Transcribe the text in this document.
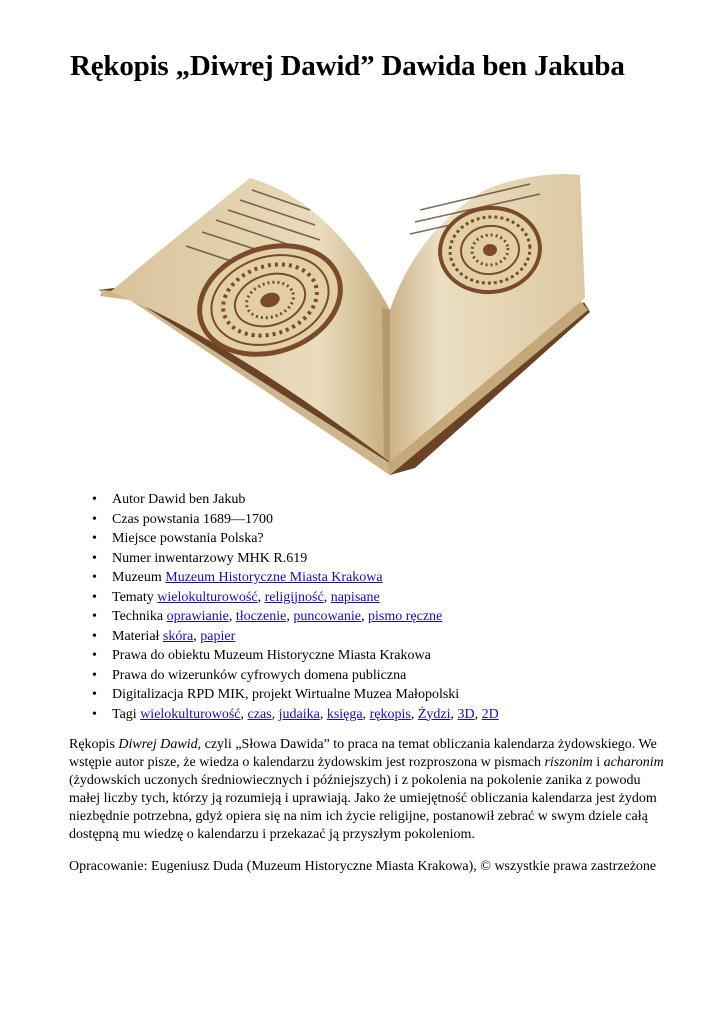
Rękopis „Diwrej Dawid” Dawida ben Jakuba
• Autor Dawid ben Jakub
• Czas powstania 1689—1700
• Miejsce powstania Polska?
• Numer inwentarzowy MHK R.619
• Muzeum Muzeum Historyczne Miasta Krakowa
• Tematy wielokulturowość, religijność, napisane
• Technika oprawianie, tłoczenie, puncowanie, pismo ręczne
• Materiał skóra, papier
• Prawa do obiektu Muzeum Historyczne Miasta Krakowa
• Prawa do wizerunków cyfrowych domena publiczna
• Digitalizacja RPD MIK, projekt Wirtualne Muzea Małopolski
• Tagi wielokulturowość, czas, judaika, księga, rękopis, Żydzi, 3D, 2D

Rękopis Diwrej Dawid, czyli „Słowa Dawida” to praca na temat obliczania kalendarza żydowskiego. We wstępie autor pisze, że wiedza o kalendarzu żydowskim jest rozproszona w pismach riszonim i acharonim (żydowskich uczonych średniowiecznych i późniejszych) i z pokolenia na pokolenie zanika z powodu małej liczby tych, którzy ją rozumieją i uprawiają. Jako że umiejętność obliczania kalendarza jest żydom niezbędnie potrzebna, gdyż opiera się na nim ich życie religijne, postanowił zebrać w swym dziele całą dostępną mu wiedzę o kalendarzu i przekazać ją przyszłym pokoleniom.

Opracowanie: Eugeniusz Duda (Muzeum Historyczne Miasta Krakowa), © wszystkie prawa zastrzeżone
